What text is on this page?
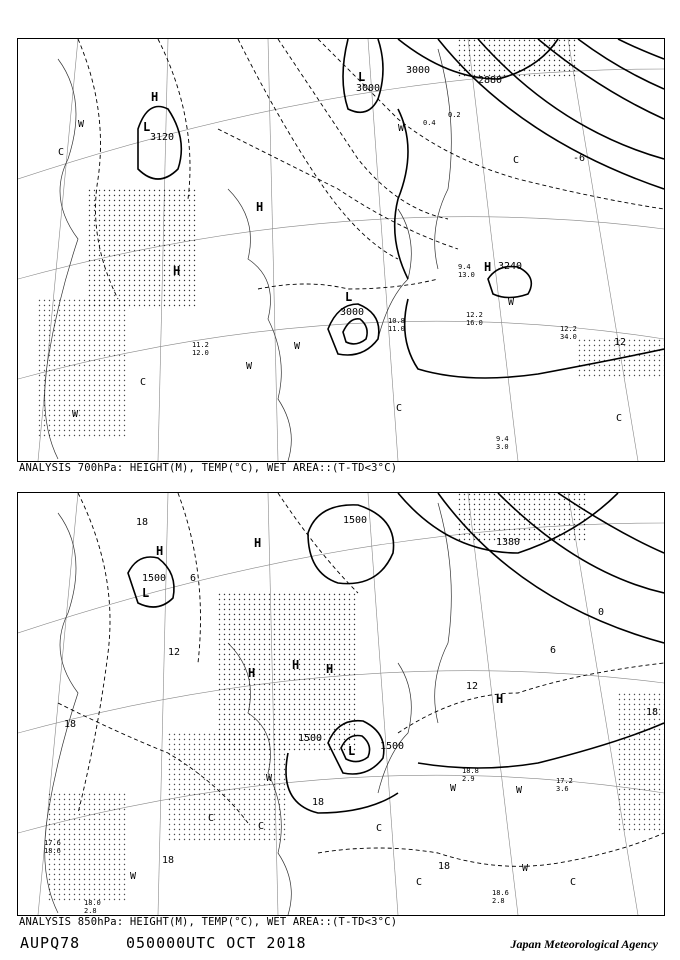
3000
3000
3120
3000
2880
3240
-6
12
H
L
H
H
L
L
H
W
C
W
C
W
W
C
C
W
W
C
0.2
0.4
12.2 16.0
12.2 34.0
9.4 3.0
9.4 13.0
10.8 11.0
11.2 12.0
ANALYSIS 700hPa: HEIGHT(M), TEMP(°C), WET AREA::(T-TD<3°C)
1500
1500
1380
1500
1500
18
12
6
0
6
12
18
18
18
18
18
H
L
H
H
H
H
L
H
W
C
C
W
C
W
W
C
C
W
18.8 2.9	17.2 3.6
18.6 2.8
18.0 2.8
17.6 18.6
ANALYSIS 850hPa: HEIGHT(M), TEMP(°C), WET AREA::(T-TD<3°C)
AUPQ78	050000UTC OCT 2018	Japan Meteorological Agency
